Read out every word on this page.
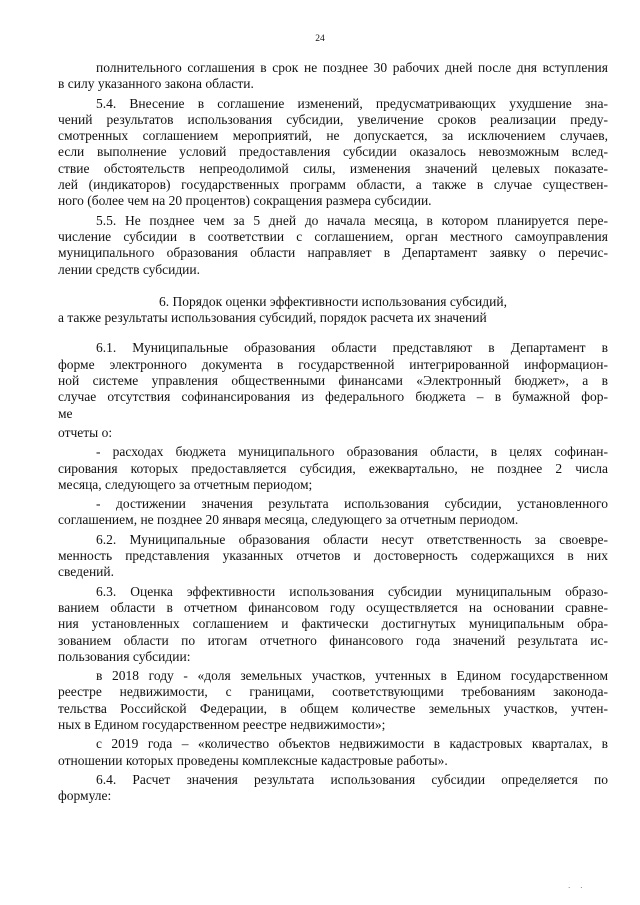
24
полнительного соглашения в срок не позднее 30 рабочих дней после дня вступления
в силу указанного закона области.
5.4. Внесение в соглашение изменений, предусматривающих ухудшение зна-
чений результатов использования субсидии, увеличение сроков реализации преду-
смотренных соглашением мероприятий, не допускается, за исключением случаев,
если выполнение условий предоставления субсидии оказалось невозможным вслед-
ствие обстоятельств непреодолимой силы, изменения значений целевых показате-
лей (индикаторов) государственных программ области, а также в случае существен-
ного (более чем на 20 процентов) сокращения размера субсидии.
5.5. Не позднее чем за 5 дней до начала месяца, в котором планируется пере-
числение субсидии в соответствии с соглашением, орган местного самоуправления
муниципального образования области направляет в Департамент заявку о перечис-
лении средств субсидии.
6. Порядок оценки эффективности использования субсидий,
а также результаты использования субсидий, порядок расчета их значений
6.1. Муниципальные образования области представляют в Департамент в
форме электронного документа в государственной интегрированной информацион-
ной системе управления общественными финансами «Электронный бюджет», а в
случае отсутствия софинансирования из федерального бюджета – в бумажной фор-
ме
отчеты о:
- расходах бюджета муниципального образования области, в целях софинан-
сирования которых предоставляется субсидия, ежеквартально, не позднее 2 числа
месяца, следующего за отчетным периодом;
- достижении значения результата использования субсидии, установленного
соглашением, не позднее 20 января месяца, следующего за отчетным периодом.
6.2. Муниципальные образования области несут ответственность за своевре-
менность представления указанных отчетов и достоверность содержащихся в них
сведений.
6.3. Оценка эффективности использования субсидии муниципальным образо-
ванием области в отчетном финансовом году осуществляется на основании сравне-
ния установленных соглашением и фактически достигнутых муниципальным обра-
зованием области по итогам отчетного финансового года значений результата ис-
пользования субсидии:
в 2018 году - «доля земельных участков, учтенных в Едином государственном
реестре недвижимости, с границами, соответствующими требованиям законода-
тельства Российской Федерации, в общем количестве земельных участков, учтен-
ных в Едином государственном реестре недвижимости»;
с 2019 года – «количество объектов недвижимости в кадастровых кварталах, в
отношении которых проведены комплексные кадастровые работы».
6.4. Расчет значения результата использования субсидии определяется по
формуле:
· ·
